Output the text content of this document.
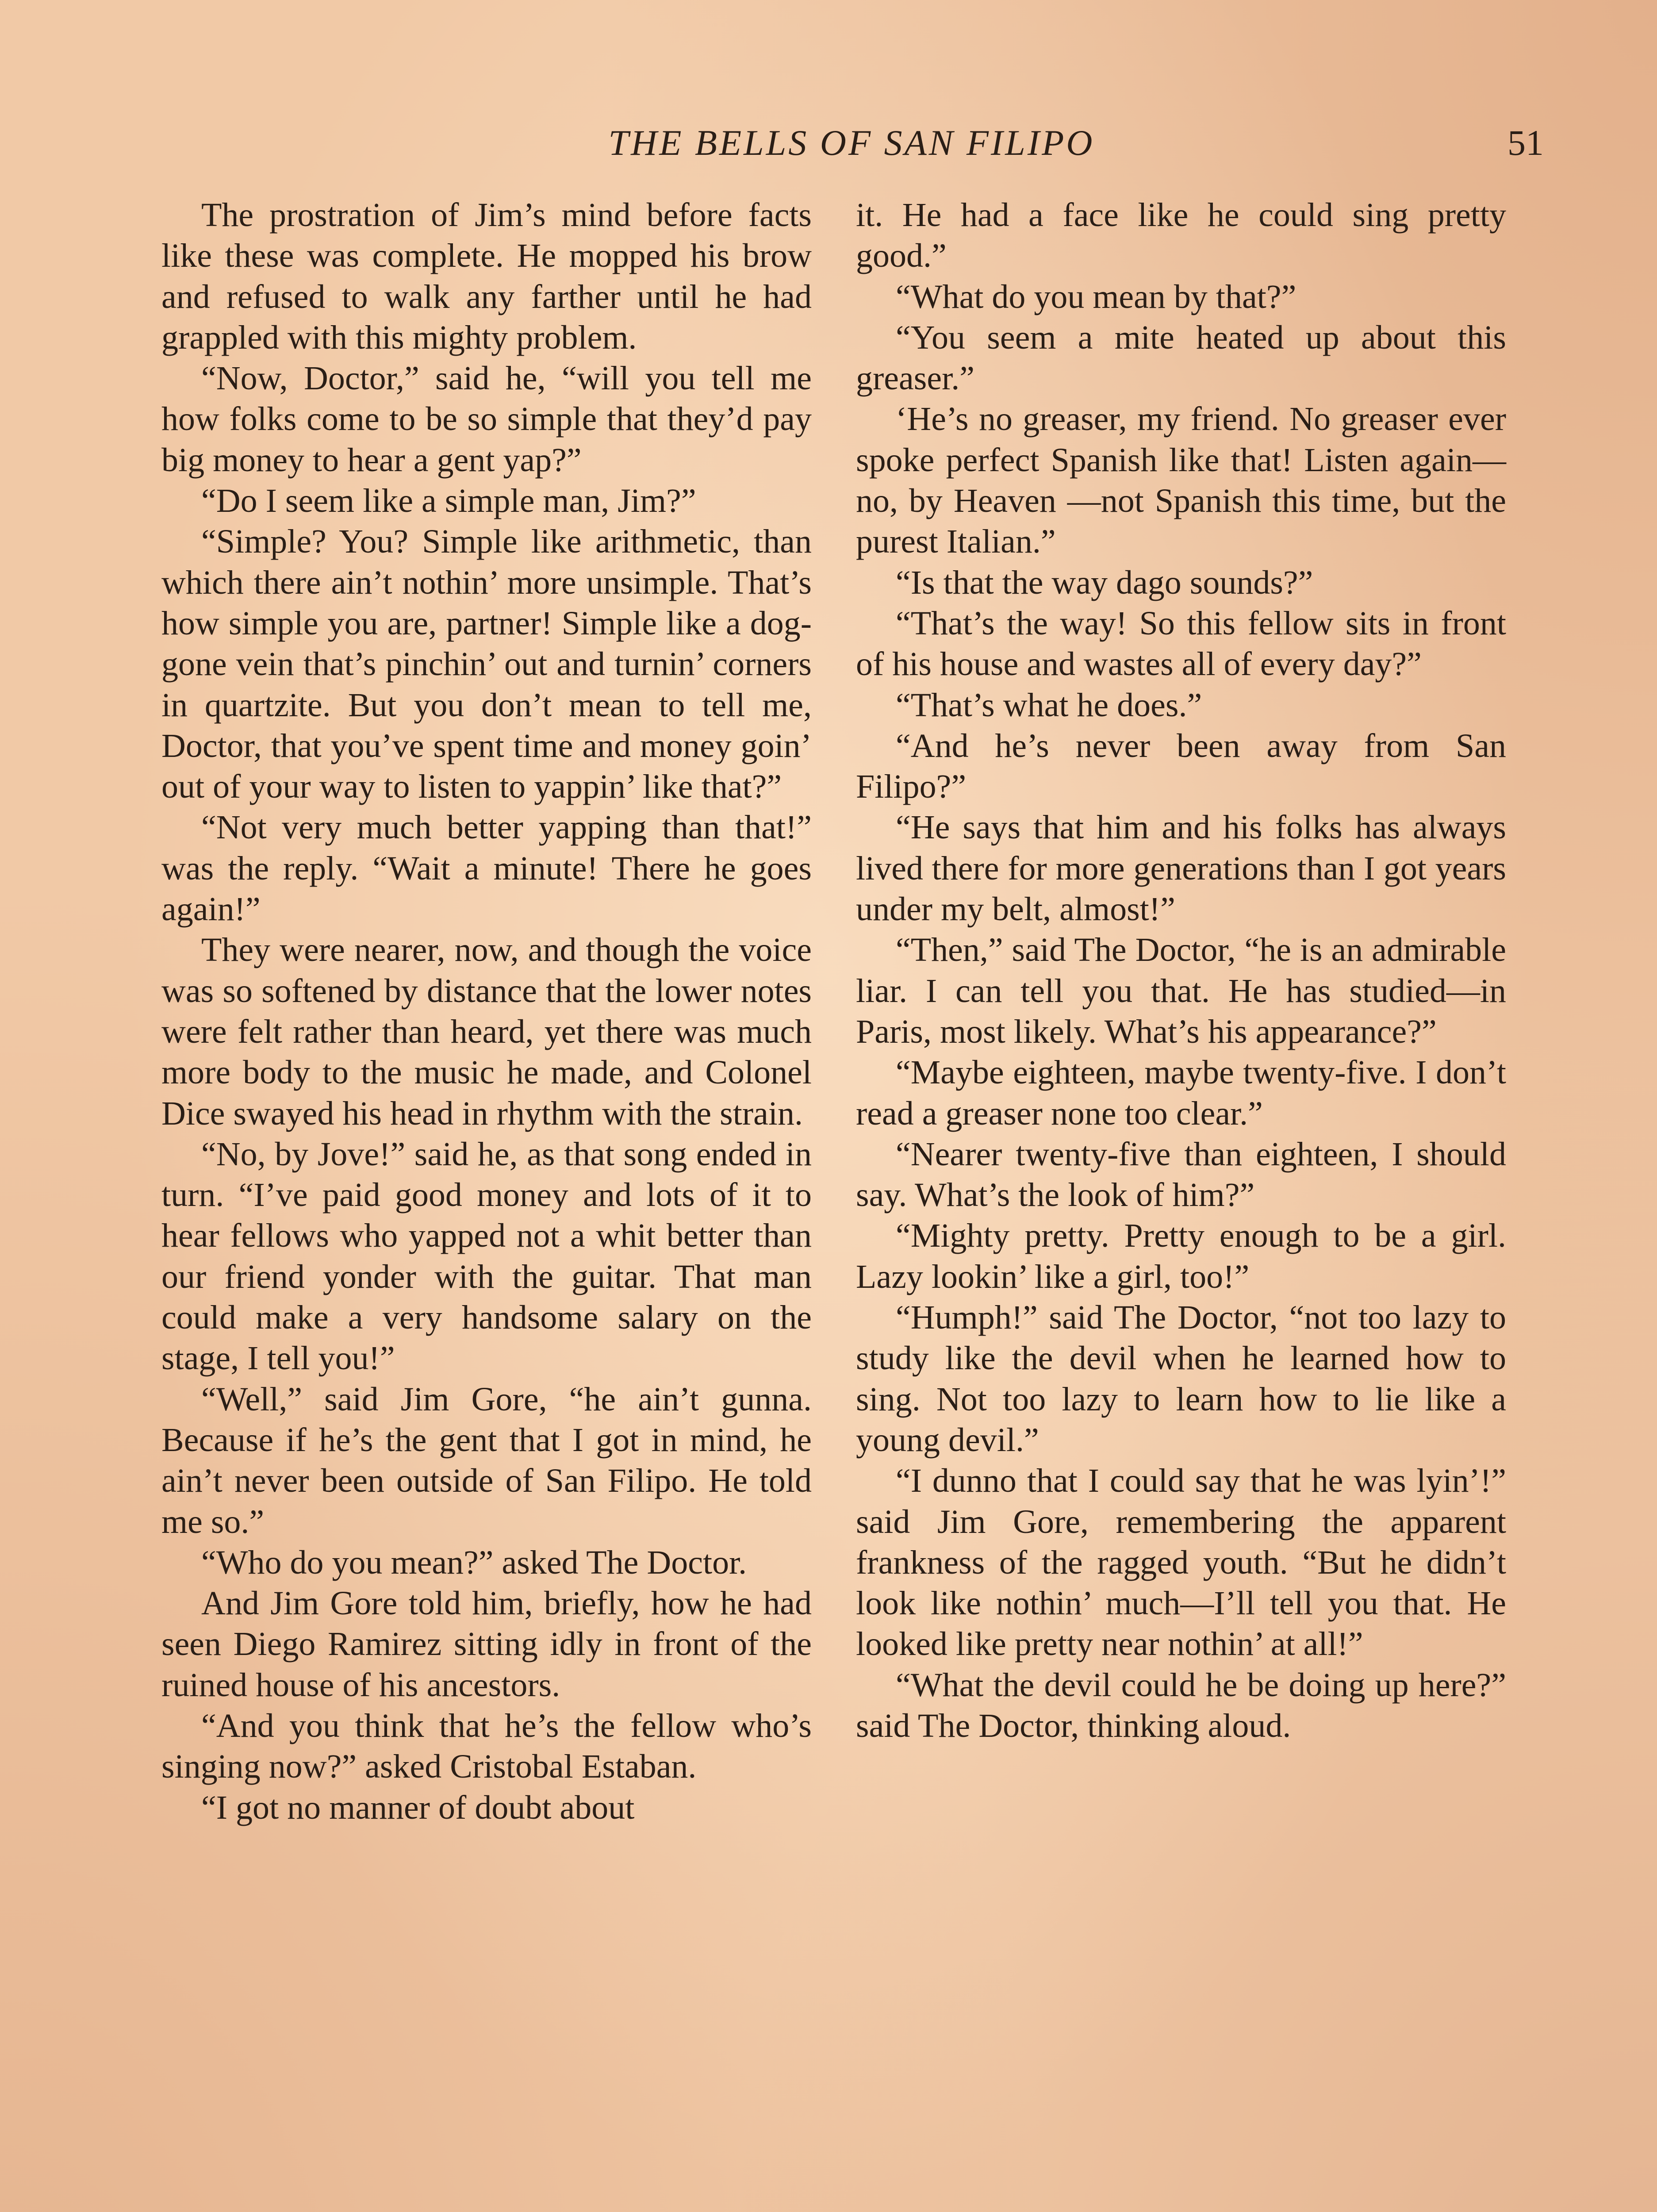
THE BELLS OF SAN FILIPO	51

The prostration of Jim’s mind before facts like these was complete. He mopped his brow and refused to walk any farther until he had grappled with this mighty problem.

“Now, Doctor,” said he, “will you tell me how folks come to be so simple that they’d pay big money to hear a gent yap?”

“Do I seem like a simple man, Jim?”

“Simple? You? Simple like arithmetic, than which there ain’t nothin’ more unsimple. That’s how simple you are, partner! Simple like a dog-gone vein that’s pinchin’ out and turnin’ corners in quartzite. But you don’t mean to tell me, Doctor, that you’ve spent time and money goin’ out of your way to listen to yappin’ like that?”

“Not very much better yapping than that!” was the reply. “Wait a minute! There he goes again!”

They were nearer, now, and though the voice was so softened by distance that the lower notes were felt rather than heard, yet there was much more body to the music he made, and Colonel Dice swayed his head in rhythm with the strain.

“No, by Jove!” said he, as that song ended in turn. “I’ve paid good money and lots of it to hear fellows who yapped not a whit better than our friend yonder with the guitar. That man could make a very handsome salary on the stage, I tell you!”

“Well,” said Jim Gore, “he ain’t gunna. Because if he’s the gent that I got in mind, he ain’t never been outside of San Filipo. He told me so.”

“Who do you mean?” asked The Doctor.

And Jim Gore told him, briefly, how he had seen Diego Ramirez sitting idly in front of the ruined house of his ancestors.

“And you think that he’s the fellow who’s singing now?” asked Cristobal Estaban.

“I got no manner of doubt about

it. He had a face like he could sing pretty good.”

“What do you mean by that?”

“You seem a mite heated up about this greaser.”

‘He’s no greaser, my friend. No greaser ever spoke perfect Spanish like that! Listen again—no, by Heaven —not Spanish this time, but the purest Italian.”

“Is that the way dago sounds?”

“That’s the way! So this fellow sits in front of his house and wastes all of every day?”

“That’s what he does.”

“And he’s never been away from San Filipo?”

“He says that him and his folks has always lived there for more generations than I got years under my belt, almost!”

“Then,” said The Doctor, “he is an admirable liar. I can tell you that. He has studied—in Paris, most likely. What’s his appearance?”

“Maybe eighteen, maybe twenty-five. I don’t read a greaser none too clear.”

“Nearer twenty-five than eighteen, I should say. What’s the look of him?”

“Mighty pretty. Pretty enough to be a girl. Lazy lookin’ like a girl, too!”

“Humph!” said The Doctor, “not too lazy to study like the devil when he learned how to sing. Not too lazy to learn how to lie like a young devil.”

“I dunno that I could say that he was lyin’!” said Jim Gore, remembering the apparent frankness of the ragged youth. “But he didn’t look like nothin’ much—I’ll tell you that. He looked like pretty near nothin’ at all!”

“What the devil could he be doing up here?” said The Doctor, thinking aloud.
